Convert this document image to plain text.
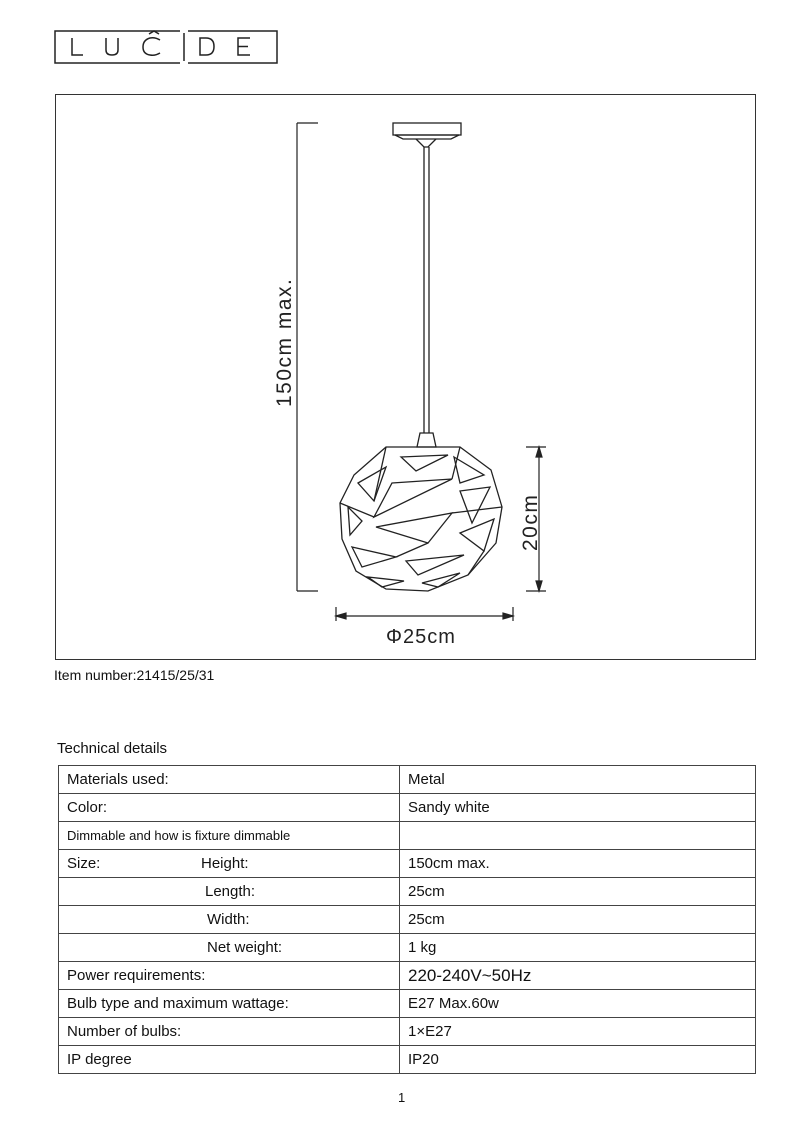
150cm max.
20cm
Φ25cm
Item number:21415/25/31
Technical details
Materials used:	Metal
Color:	Sandy white
Dimmable and how is fixture dimmable	
Size: Height:	150cm max.
Length:	25cm
Width:	25cm
Net weight:	1 kg
Power requirements:	220-240V~50Hz
Bulb type and maximum wattage:	E27 Max.60w
Number of bulbs:	1×E27
IP degree	IP20
1
